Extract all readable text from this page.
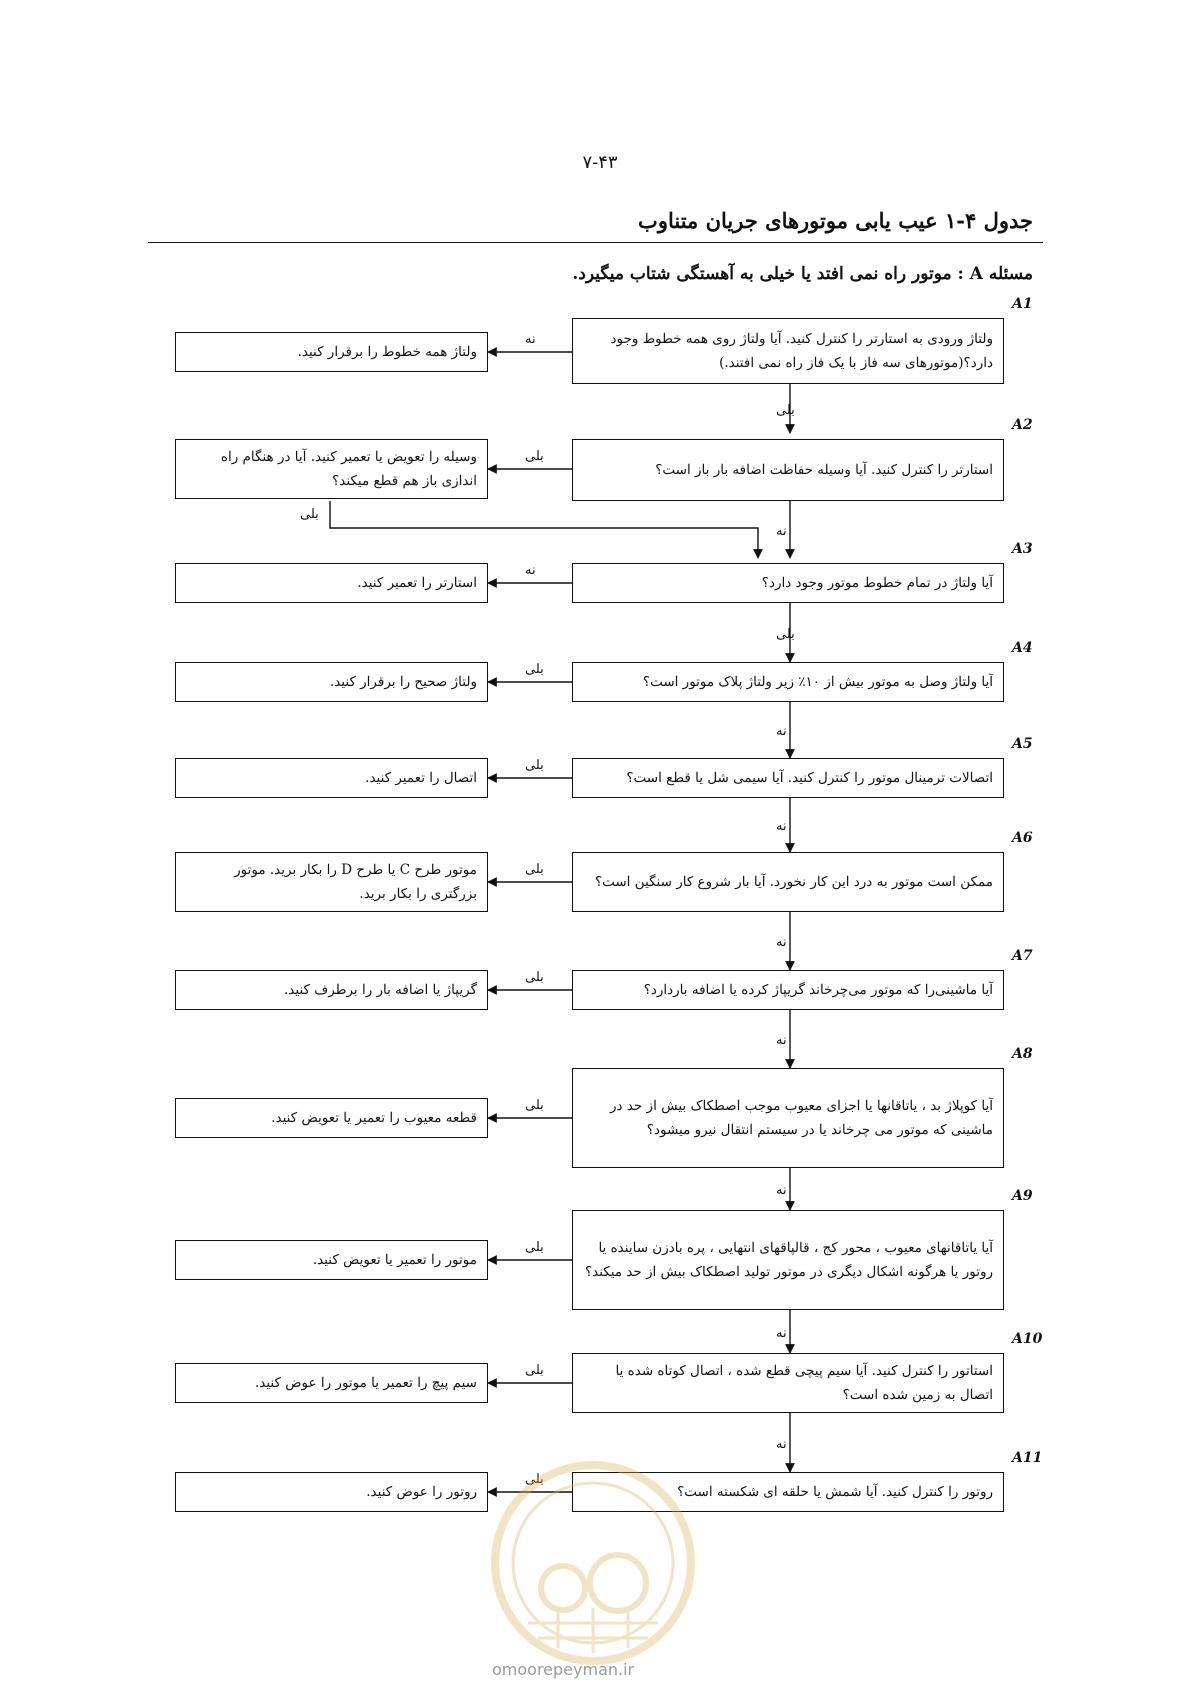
۷-۴۳
جدول ۴-۱ عیب یابی موتورهای جریان متناوب
مسئله A : موتور راه نمی افتد یا خیلی به آهستگی شتاب میگیرد.
A1
ولتاژ ورودی به استارتر را کنترل کنید. آیا ولتاژ روی همه خطوط وجود دارد؟(موتورهای سه فاز با یک فاز راه نمی افتند.)
ولتاژ همه خطوط را برقرار کنید.
نه
بلی
A2
استارتر را کنترل کنید. آیا وسیله حفاظت اضافه بار باز است؟
وسیله را تعویض یا تعمیر کنید. آیا در هنگام راه اندازی باز هم قطع میکند؟
بلی
نه
A3
آیا ولتاژ در تمام خطوط موتور وجود دارد؟
استارتر را تعمیر کنید.
نه
بلی
A4
آیا ولتاژ وصل به موتور بیش از ۱۰٪ زیر ولتاژ پلاک موتور است؟
ولتاژ صحیح را برقرار کنید.
بلی
نه
A5
اتصالات ترمینال موتور را کنترل کنید. آیا سیمی شل یا قطع است؟
اتصال را تعمیر کنید.
بلی
نه
A6
ممکن است موتور به درد این کار نخورد. آیا بار شروع کار سنگین است؟
موتور طرح C یا طرح D را بکار برید. موتور بزرگتری را بکار برید.
بلی
نه
A7
آیا ماشینی‌را که موتور می‌چرخاند گریپاژ کرده یا اضافه باردارد؟
گریپاژ یا اضافه بار را برطرف کنید.
بلی
نه
A8
آیا کوپلاژ بد ، یاتاقانها یا اجزای معیوب موجب اصطکاک بیش از حد در ماشینی که موتور می چرخاند یا در سیستم انتقال نیرو میشود؟
قطعه معیوب را تعمیر یا تعویض کنید.
بلی
نه	A9
آیا یاتاقانهای معیوب ، محور کج ، قالپاقهای انتهایی ، پره بادزن ساینده یا روتور یا هرگونه اشکال دیگری در موتور تولید اصطکاک بیش از حد میکند؟
موتور را تعمیر یا تعویض کنید.
بلی
نه	A10
استاتور را کنترل کنید. آیا سیم پیچی قطع شده ، اتصال کوتاه شده یا اتصال به زمین شده است؟
سیم پیچ را تعمیر یا موتور را عوض کنید.
بلی
نه
A11
روتور را کنترل کنید. آیا شمش یا حلقه ای شکسته است؟
روتور را عوض کنید.
بلی
بلی
omoorepeyman.ir
